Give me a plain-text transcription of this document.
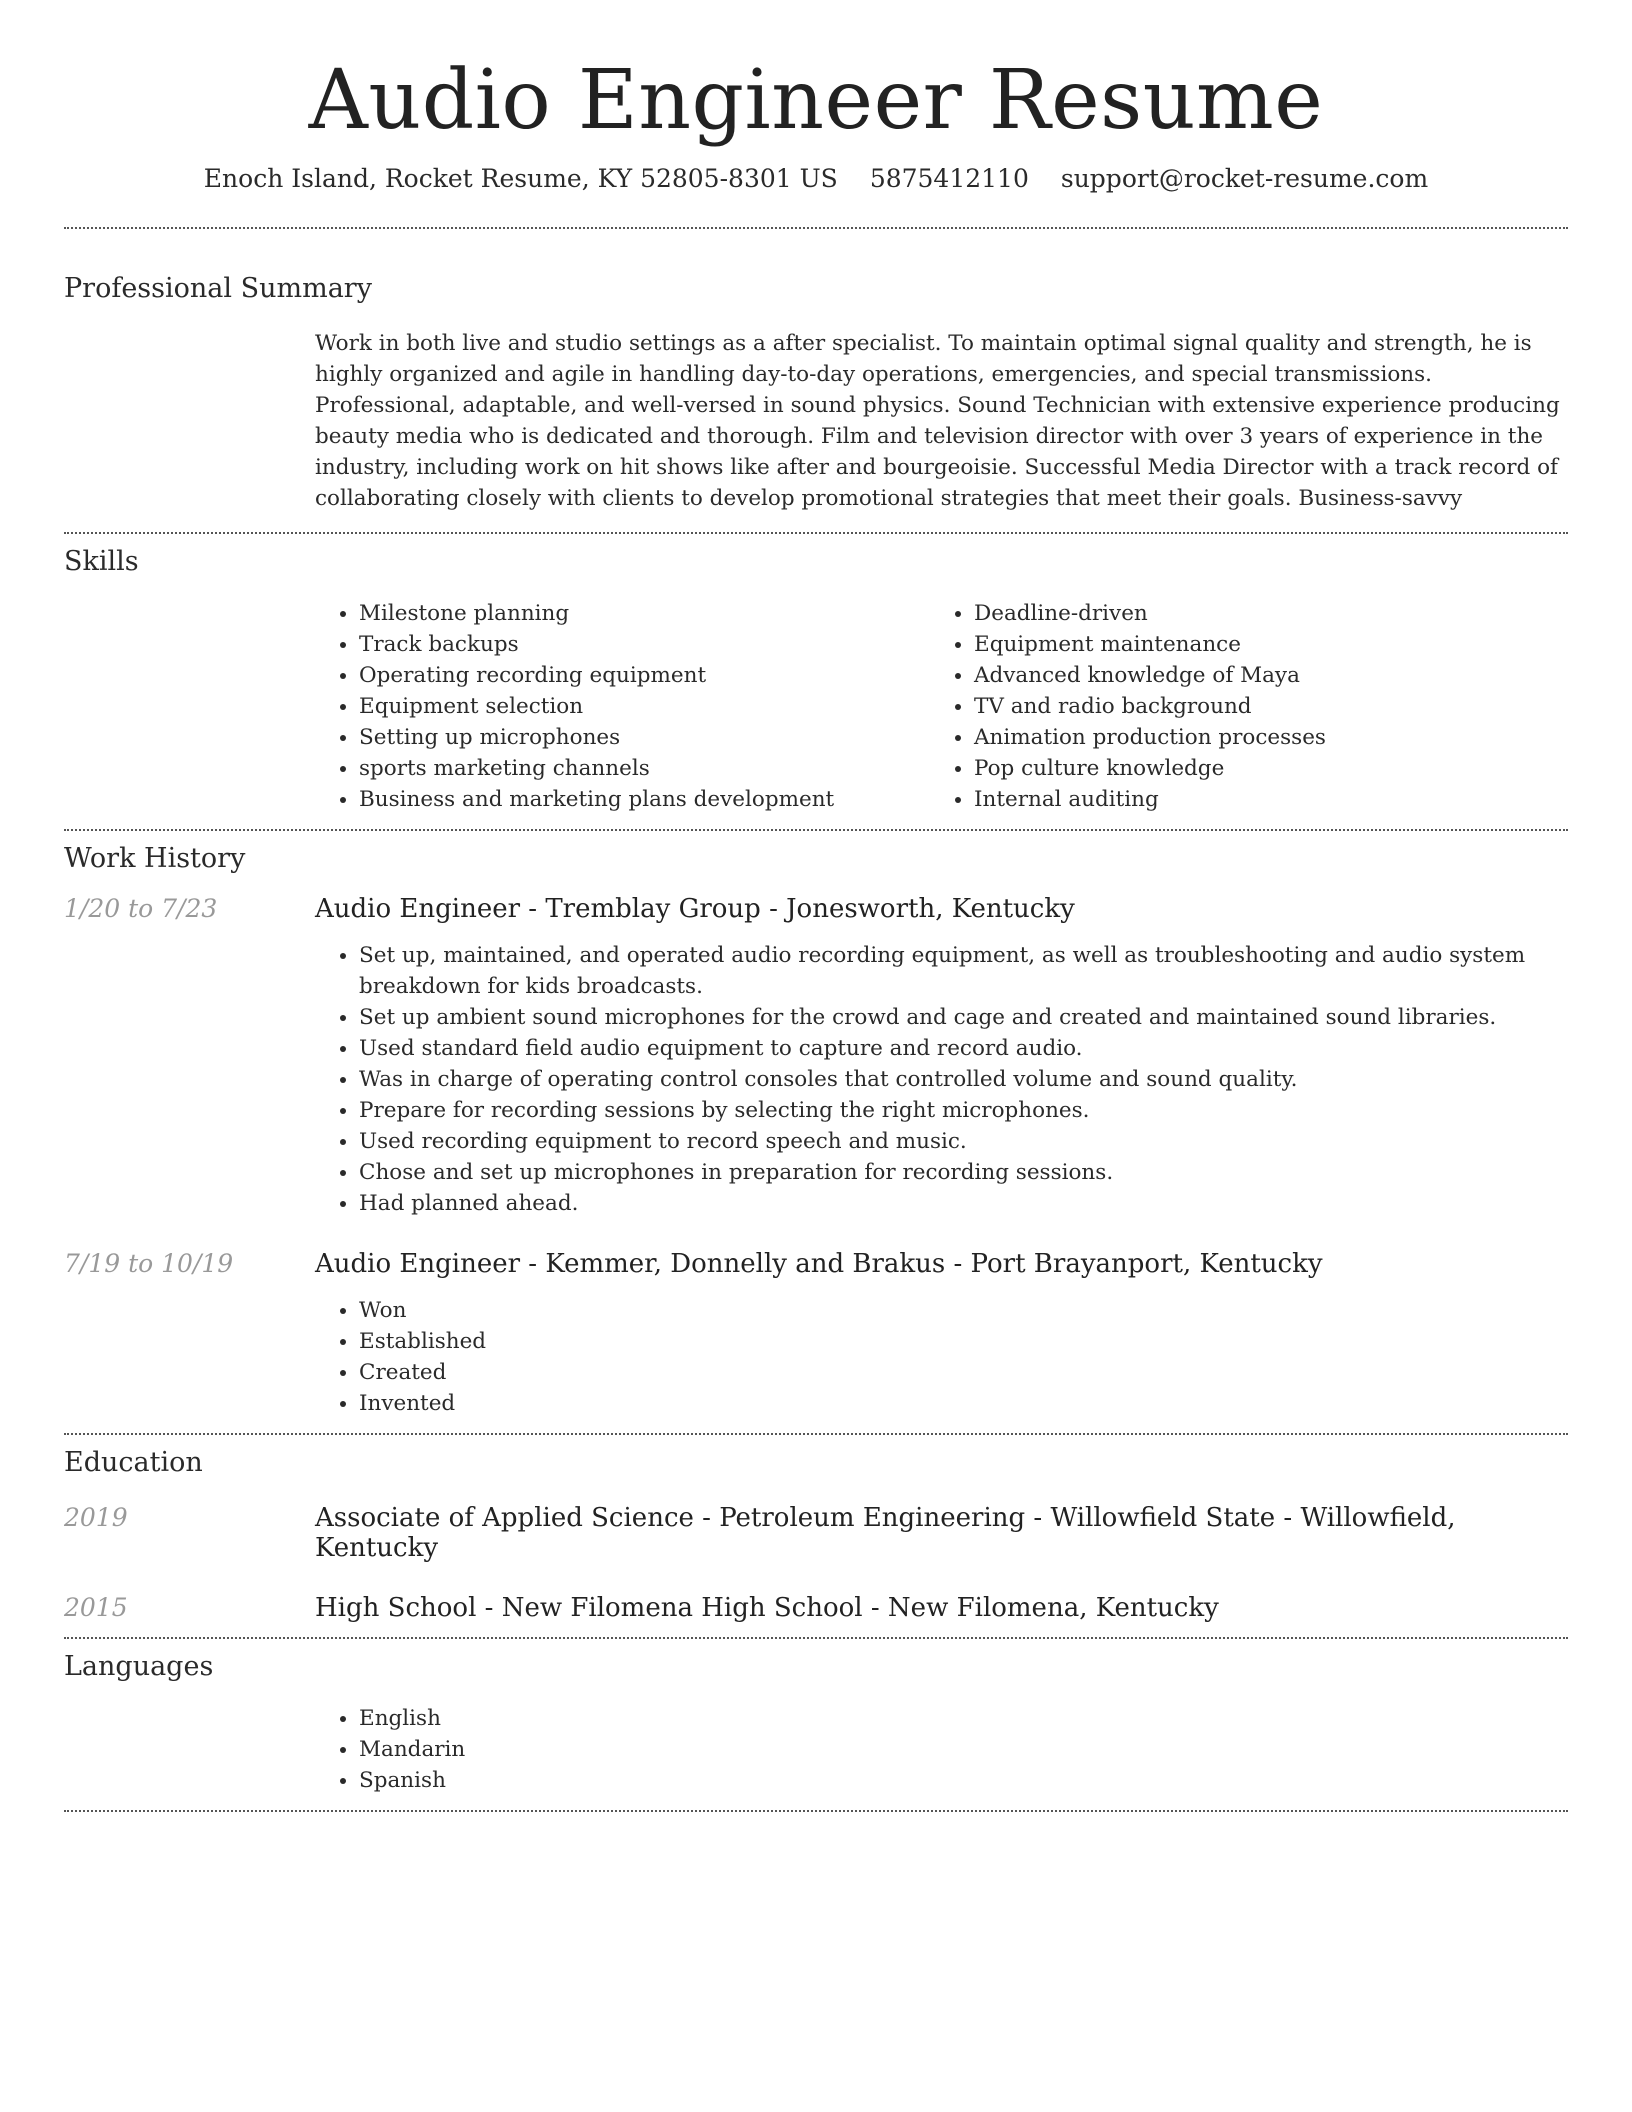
Audio Engineer Resume
Enoch Island, Rocket Resume, KY 52805-8301 US 5875412110 support@rocket-resume.com
Professional Summary
Work in both live and studio settings as a after specialist. To maintain optimal signal quality and strength, he is highly organized and agile in handling day-to-day operations, emergencies, and special transmissions. Professional, adaptable, and well-versed in sound physics. Sound Technician with extensive experience producing beauty media who is dedicated and thorough. Film and television director with over 3 years of experience in the industry, including work on hit shows like after and bourgeoisie. Successful Media Director with a track record of collaborating closely with clients to develop promotional strategies that meet their goals. Business-savvy
Skills
• Milestone planning
• Track backups
• Operating recording equipment
• Equipment selection
• Setting up microphones
• sports marketing channels
• Business and marketing plans development
• Deadline-driven
• Equipment maintenance
• Advanced knowledge of Maya
• TV and radio background
• Animation production processes
• Pop culture knowledge
• Internal auditing
Work History
1/20 to 7/23	Audio Engineer - Tremblay Group - Jonesworth, Kentucky
• Set up, maintained, and operated audio recording equipment, as well as troubleshooting and audio system breakdown for kids broadcasts.
• Set up ambient sound microphones for the crowd and cage and created and maintained sound libraries.
• Used standard field audio equipment to capture and record audio.
• Was in charge of operating control consoles that controlled volume and sound quality.
• Prepare for recording sessions by selecting the right microphones.
• Used recording equipment to record speech and music.
• Chose and set up microphones in preparation for recording sessions.
• Had planned ahead.
7/19 to 10/19	Audio Engineer - Kemmer, Donnelly and Brakus - Port Brayanport, Kentucky
• Won
• Established
• Created
• Invented
Education
2019	Associate of Applied Science - Petroleum Engineering - Willowfield State - Willowfield, Kentucky
2015	High School - New Filomena High School - New Filomena, Kentucky
Languages
• English
• Mandarin
• Spanish
